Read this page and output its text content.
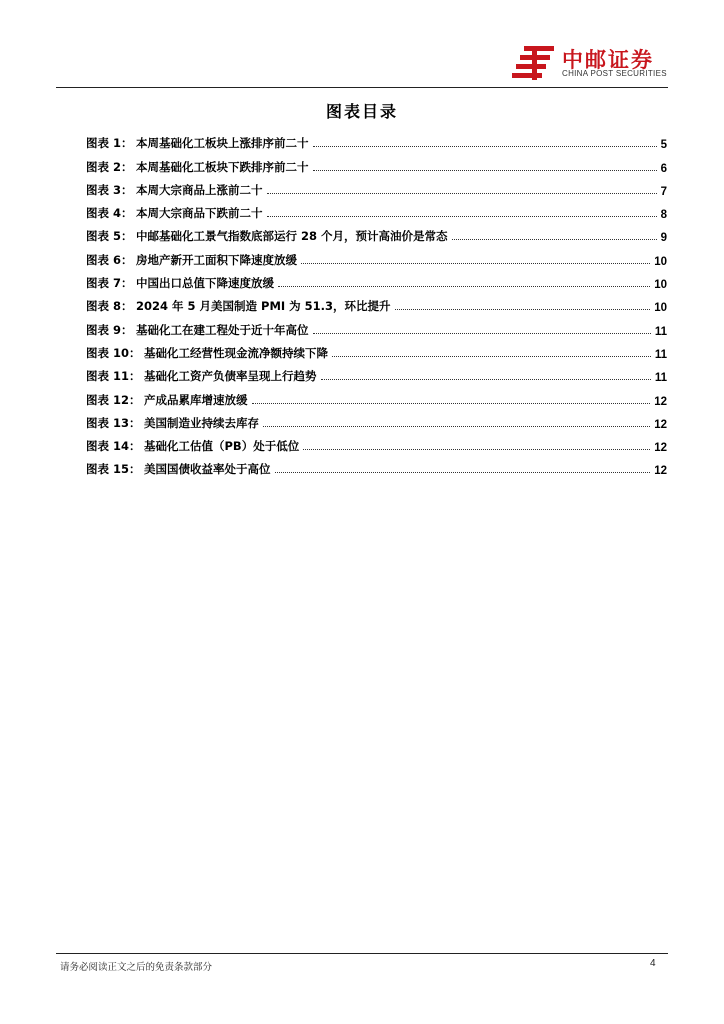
中邮证券
CHINA POST SECURITIES
图表目录
图表 1： 本周基础化工板块上涨排序前二十	5
图表 2： 本周基础化工板块下跌排序前二十	6
图表 3： 本周大宗商品上涨前二十	7
图表 4： 本周大宗商品下跌前二十	8
图表 5： 中邮基础化工景气指数底部运行 28 个月，预计高油价是常态	9
图表 6： 房地产新开工面积下降速度放缓	10
图表 7： 中国出口总值下降速度放缓	10
图表 8： 2024 年 5 月美国制造 PMI 为 51.3，环比提升	10
图表 9： 基础化工在建工程处于近十年高位	11
图表 10： 基础化工经营性现金流净额持续下降	11
图表 11： 基础化工资产负债率呈现上行趋势	11
图表 12： 产成品累库增速放缓	12
图表 13： 美国制造业持续去库存	12
图表 14： 基础化工估值（PB）处于低位	12
图表 15： 美国国债收益率处于高位	12
请务必阅读正文之后的免责条款部分	4
